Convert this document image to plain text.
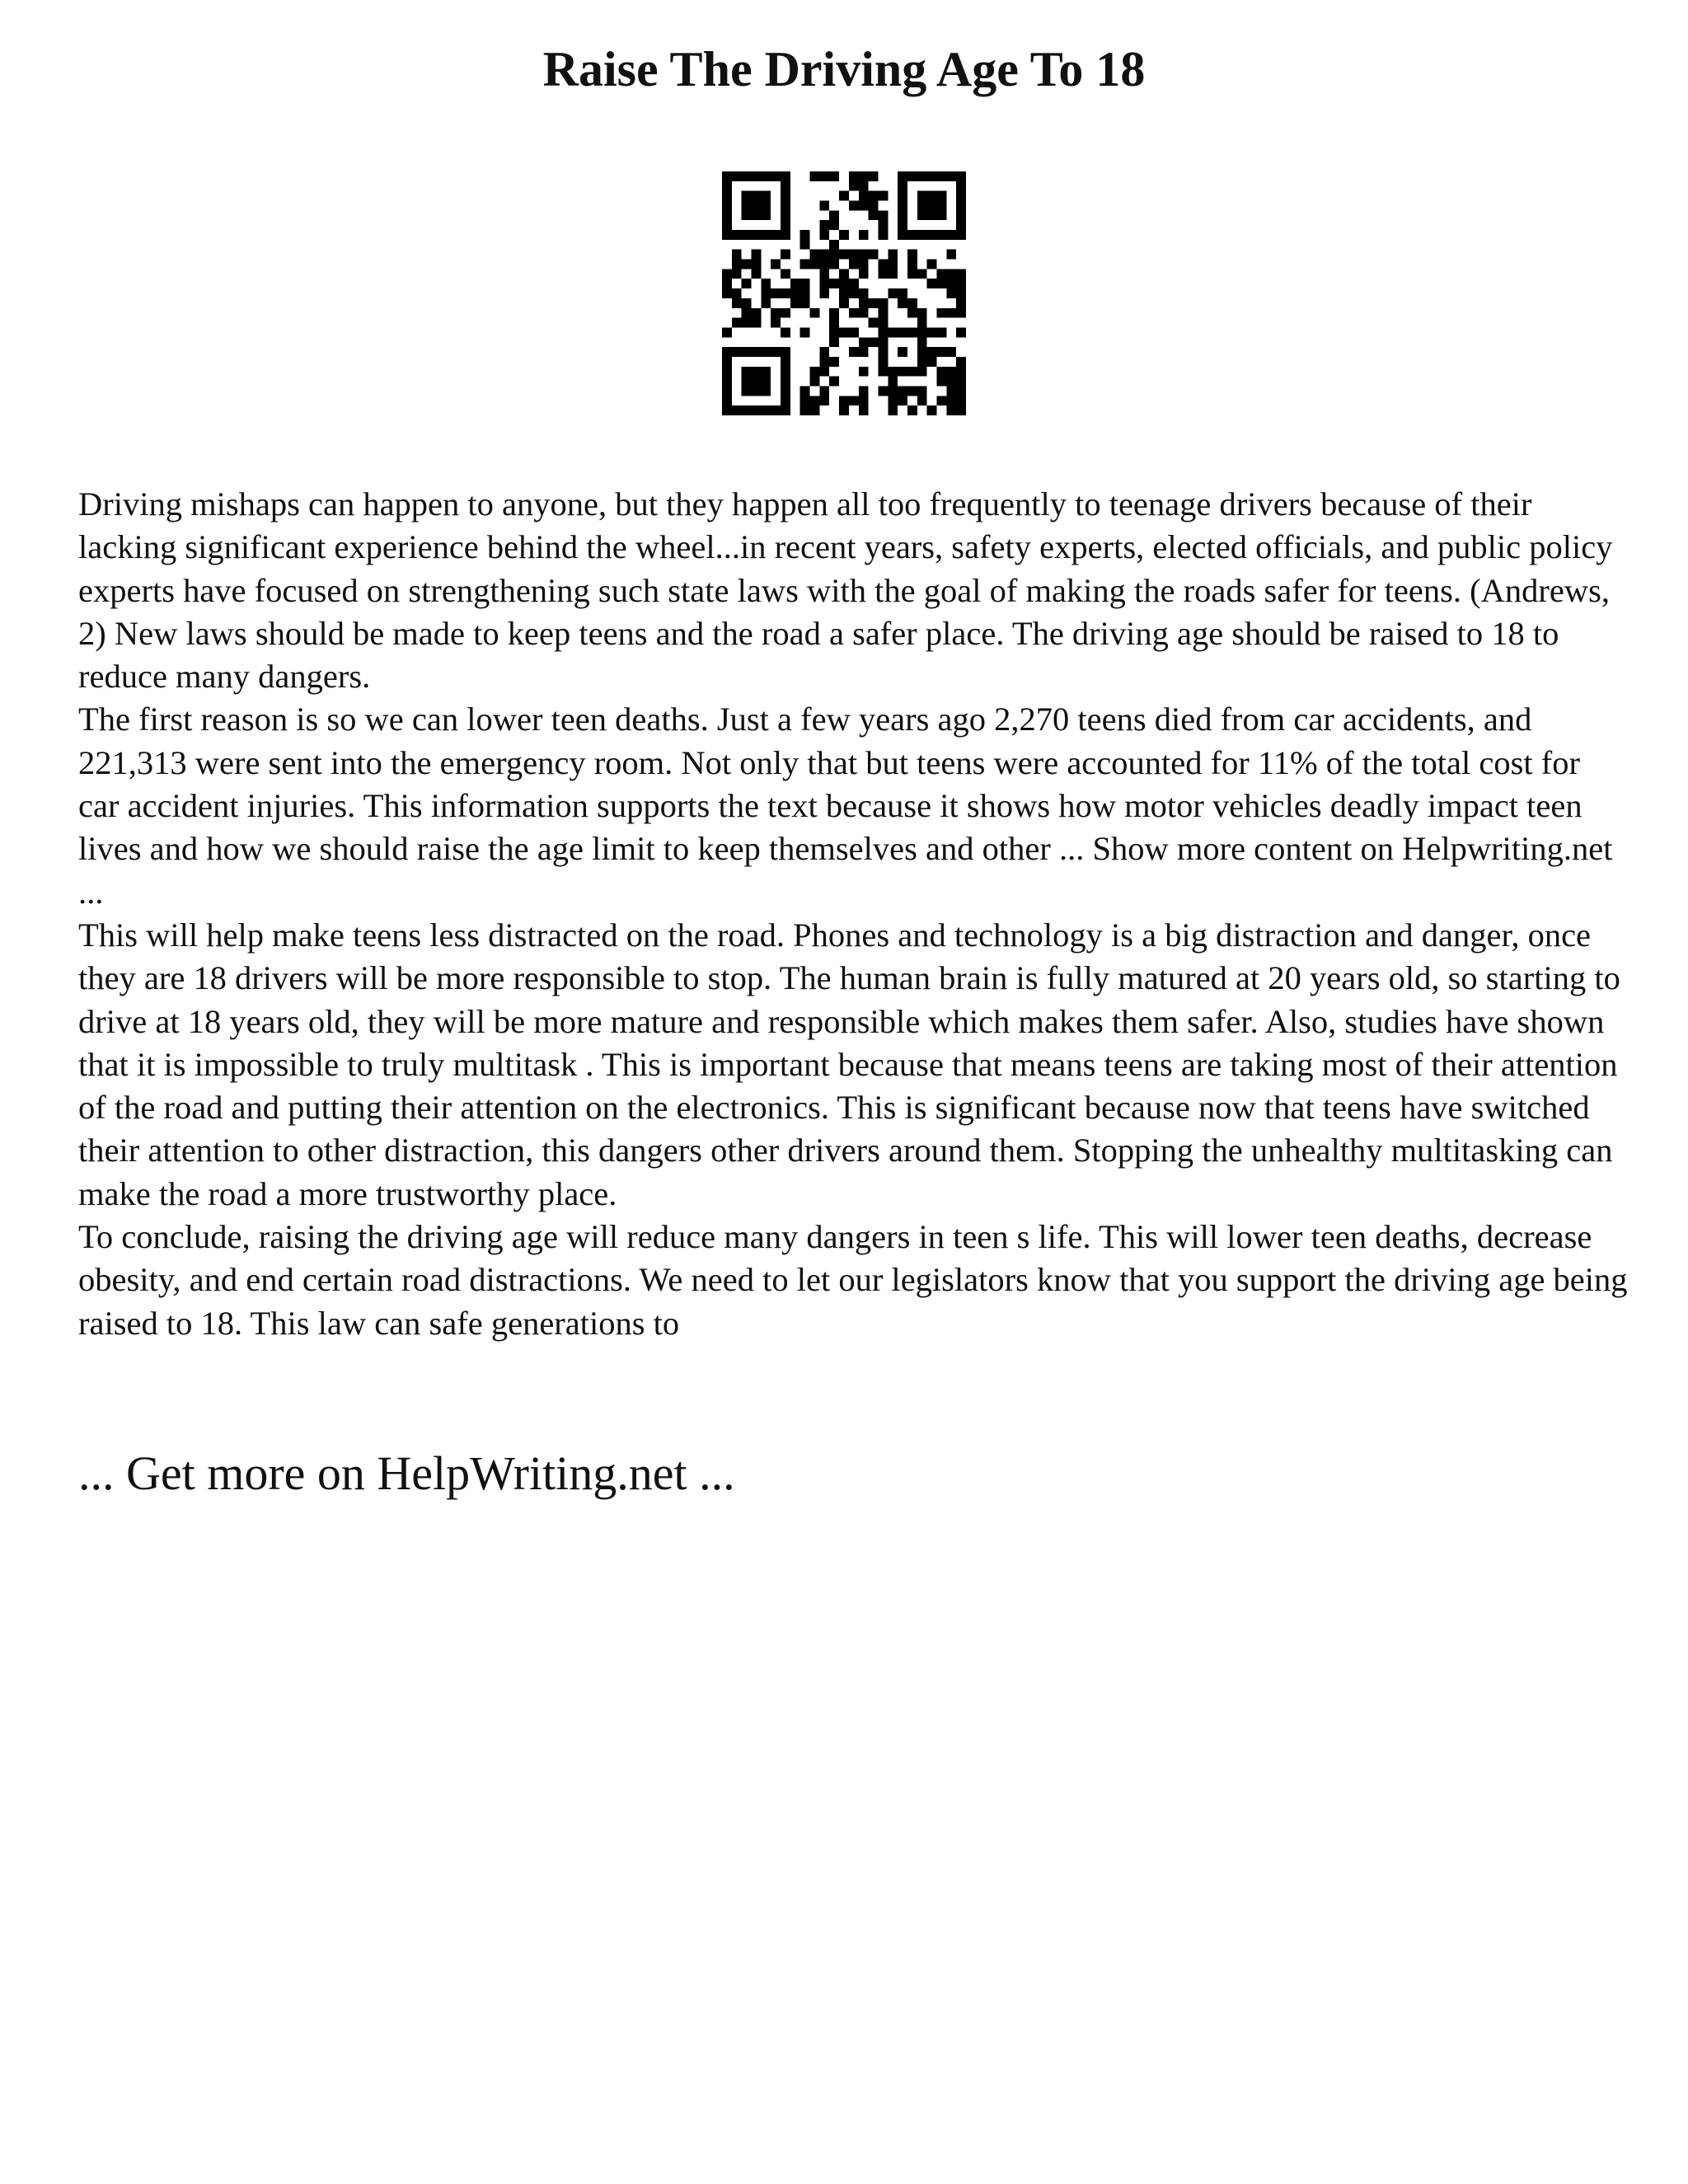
Raise The Driving Age To 18

Driving mishaps can happen to anyone, but they happen all too frequently to teenage drivers because of their lacking significant experience behind the wheel...in recent years, safety experts, elected officials, and public policy experts have focused on strengthening such state laws with the goal of making the roads safer for teens. (Andrews, 2) New laws should be made to keep teens and the road a safer place. The driving age should be raised to 18 to reduce many dangers.

The first reason is so we can lower teen deaths. Just a few years ago 2,270 teens died from car accidents, and 221,313 were sent into the emergency room. Not only that but teens were accounted for 11% of the total cost for car accident injuries. This information supports the text because it shows how motor vehicles deadly impact teen lives and how we should raise the age limit to keep themselves and other ... Show more content on Helpwriting.net ...

This will help make teens less distracted on the road. Phones and technology is a big distraction and danger, once they are 18 drivers will be more responsible to stop. The human brain is fully matured at 20 years old, so starting to drive at 18 years old, they will be more mature and responsible which makes them safer. Also, studies have shown that it is impossible to truly multitask . This is important because that means teens are taking most of their attention of the road and putting their attention on the electronics. This is significant because now that teens have switched their attention to other distraction, this dangers other drivers around them. Stopping the unhealthy multitasking can make the road a more trustworthy place.

To conclude, raising the driving age will reduce many dangers in teen s life. This will lower teen deaths, decrease obesity, and end certain road distractions. We need to let our legislators know that you support the driving age being raised to 18. This law can safe generations to

... Get more on HelpWriting.net ...
